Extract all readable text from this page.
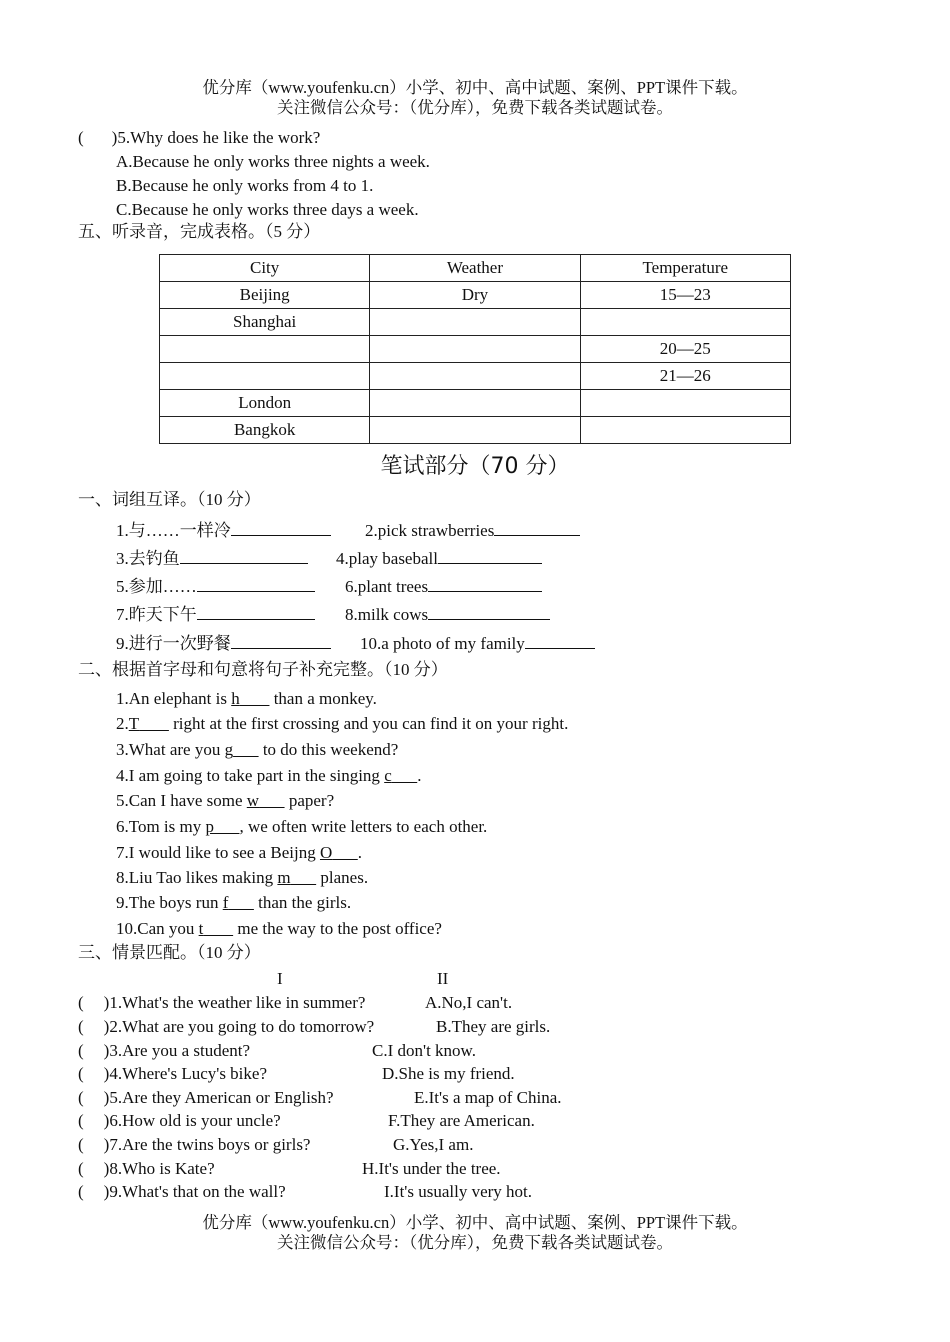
优分库（www.youfenku.cn）小学、初中、高中试题、案例、PPT课件下载。
关注微信公众号：（优分库），免费下载各类试题试卷。
( )5.Why does he like the work?
A.Because he only works three nights a week.
B.Because he only works from 4 to 1.
C.Because he only works three days a week.
五、听录音，完成表格。（5 分）
City	Weather	Temperature
Beijing	Dry	15—23
Shanghai		
		20—25
		21—26
London		
Bangkok		
笔试部分（70 分）
一、词组互译。（10 分）
1.与……一样冷	2.pick strawberries
3.去钓鱼	4.play baseball
5.参加……	6.plant trees
7.昨天下午	8.milk cows
9.进行一次野餐	10.a photo of my family
二、根据首字母和句意将句子补充完整。（10 分）
1.An elephant is h        than a monkey.
2.T        right at the first crossing and you can find it on your right.
3.What are you g       to do this weekend?
4.I am going to take part in the singing c .
5.Can I have some w       paper?
6.Tom is my p , we often write letters to each other.
7.I would like to see a Beijng O .
8.Liu Tao likes making m       planes.
9.The boys run f       than the girls.
10.Can you t        me the way to the post office?
三、情景匹配。（10 分）
I	II
( )1.What's the weather like in summer?	A.No,I can't.
( )2.What are you going to do tomorrow?	B.They are girls.
( )3.Are you a student?	C.I don't know.
( )4.Where's Lucy's bike?	D.She is my friend.
( )5.Are they American or English?	E.It's a map of China.
( )6.How old is your uncle?	F.They are American.
( )7.Are the twins boys or girls?	G.Yes,I am.
( )8.Who is Kate?	H.It's under the tree.
( )9.What's that on the wall?	I.It's usually very hot.
优分库（www.youfenku.cn）小学、初中、高中试题、案例、PPT课件下载。
关注微信公众号：（优分库），免费下载各类试题试卷。
